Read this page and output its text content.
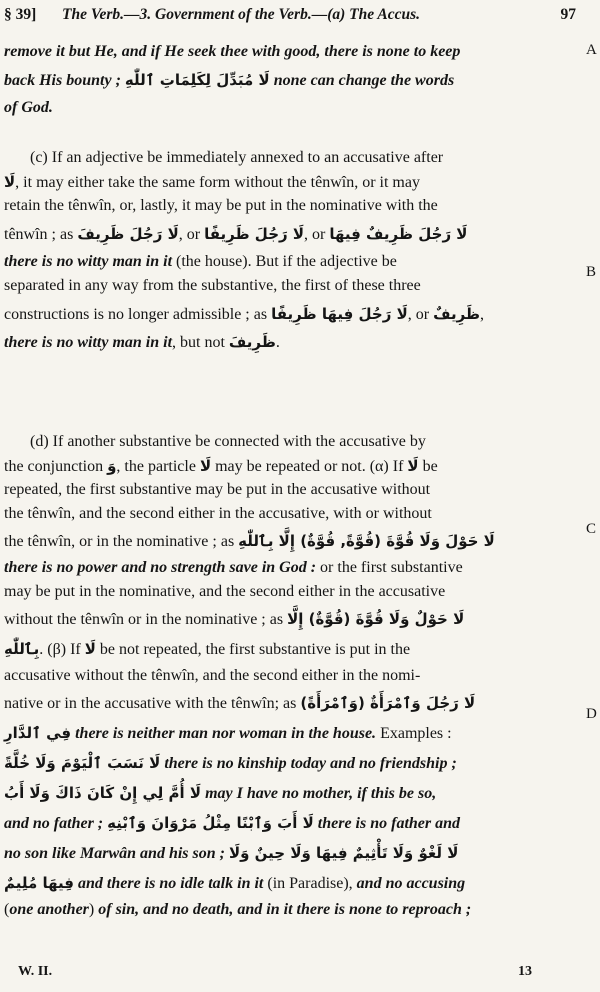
§ 39] The Verb.—3. Government of the Verb.—(a) The Accus.	97
A
B
C
D
remove it but He, and if He seek thee with good, there is none to keep
back His bounty ; لَا مُبَدِّلَ لِكَلِمَاتِ ٱللّٰهِ none can change the words
of God.
(c) If an adjective be immediately annexed to an accusative after
لَا, it may either take the same form without the tênwîn, or it may
retain the tênwîn, or, lastly, it may be put in the nominative with the
tênwîn ; as لَا رَجُلَ ظَرِيفَ, or لَا رَجُلَ ظَرِيفًا, or لَا رَجُلَ ظَرِيفٌ فِيهَا
there is no witty man in it (the house). But if the adjective be
separated in any way from the substantive, the first of these three
constructions is no longer admissible ; as لَا رَجُلَ فِيهَا ظَرِيفًا, or ظَرِيفٌ,
there is no witty man in it, but not ظَرِيفَ.
(d) If another substantive be connected with the accusative by
the conjunction وَ, the particle لَا may be repeated or not. (α) If لَا be
repeated, the first substantive may be put in the accusative without
the tênwîn, and the second either in the accusative, with or without
the tênwîn, or in the nominative ; as لَا حَوْلَ وَلَا قُوَّةَ (قُوَّةً, قُوَّةٌ) إِلَّا بِٱللّٰهِ
there is no power and no strength save in God : or the first substantive
may be put in the nominative, and the second either in the accusative
without the tênwîn or in the nominative ; as لَا حَوْلٌ وَلَا قُوَّةَ (قُوَّةٌ) إِلَّا
بِٱللّٰهِ. (β) If لَا be not repeated, the first substantive is put in the
accusative without the tênwîn, and the second either in the nomi-
native or in the accusative with the tênwîn; as لَا رَجُلَ وَٱمْرَأَةٌ (وَٱمْرَأَةً)
فِي ٱلدَّارِ there is neither man nor woman in the house. Examples :
لَا نَسَبَ ٱلْيَوْمَ وَلَا خُلَّةً there is no kinship today and no friendship ;
لَا أُمَّ لِي إِنْ كَانَ ذَاكَ وَلَا أَبُ may I have no mother, if this be so,
and no father ; لَا أَبَ وَٱبْنًا مِثْلُ مَرْوَانَ وَٱبْنِهِ there is no father and
no son like Marwân and his son ; لَا لَغْوٌ وَلَا تَأْثِيمٌ فِيهَا وَلَا حِينٌ وَلَا
فِيهَا مُلِيمٌ and there is no idle talk in it (in Paradise), and no accusing
(one another) of sin, and no death, and in it there is none to reproach ;
W. II.	13
